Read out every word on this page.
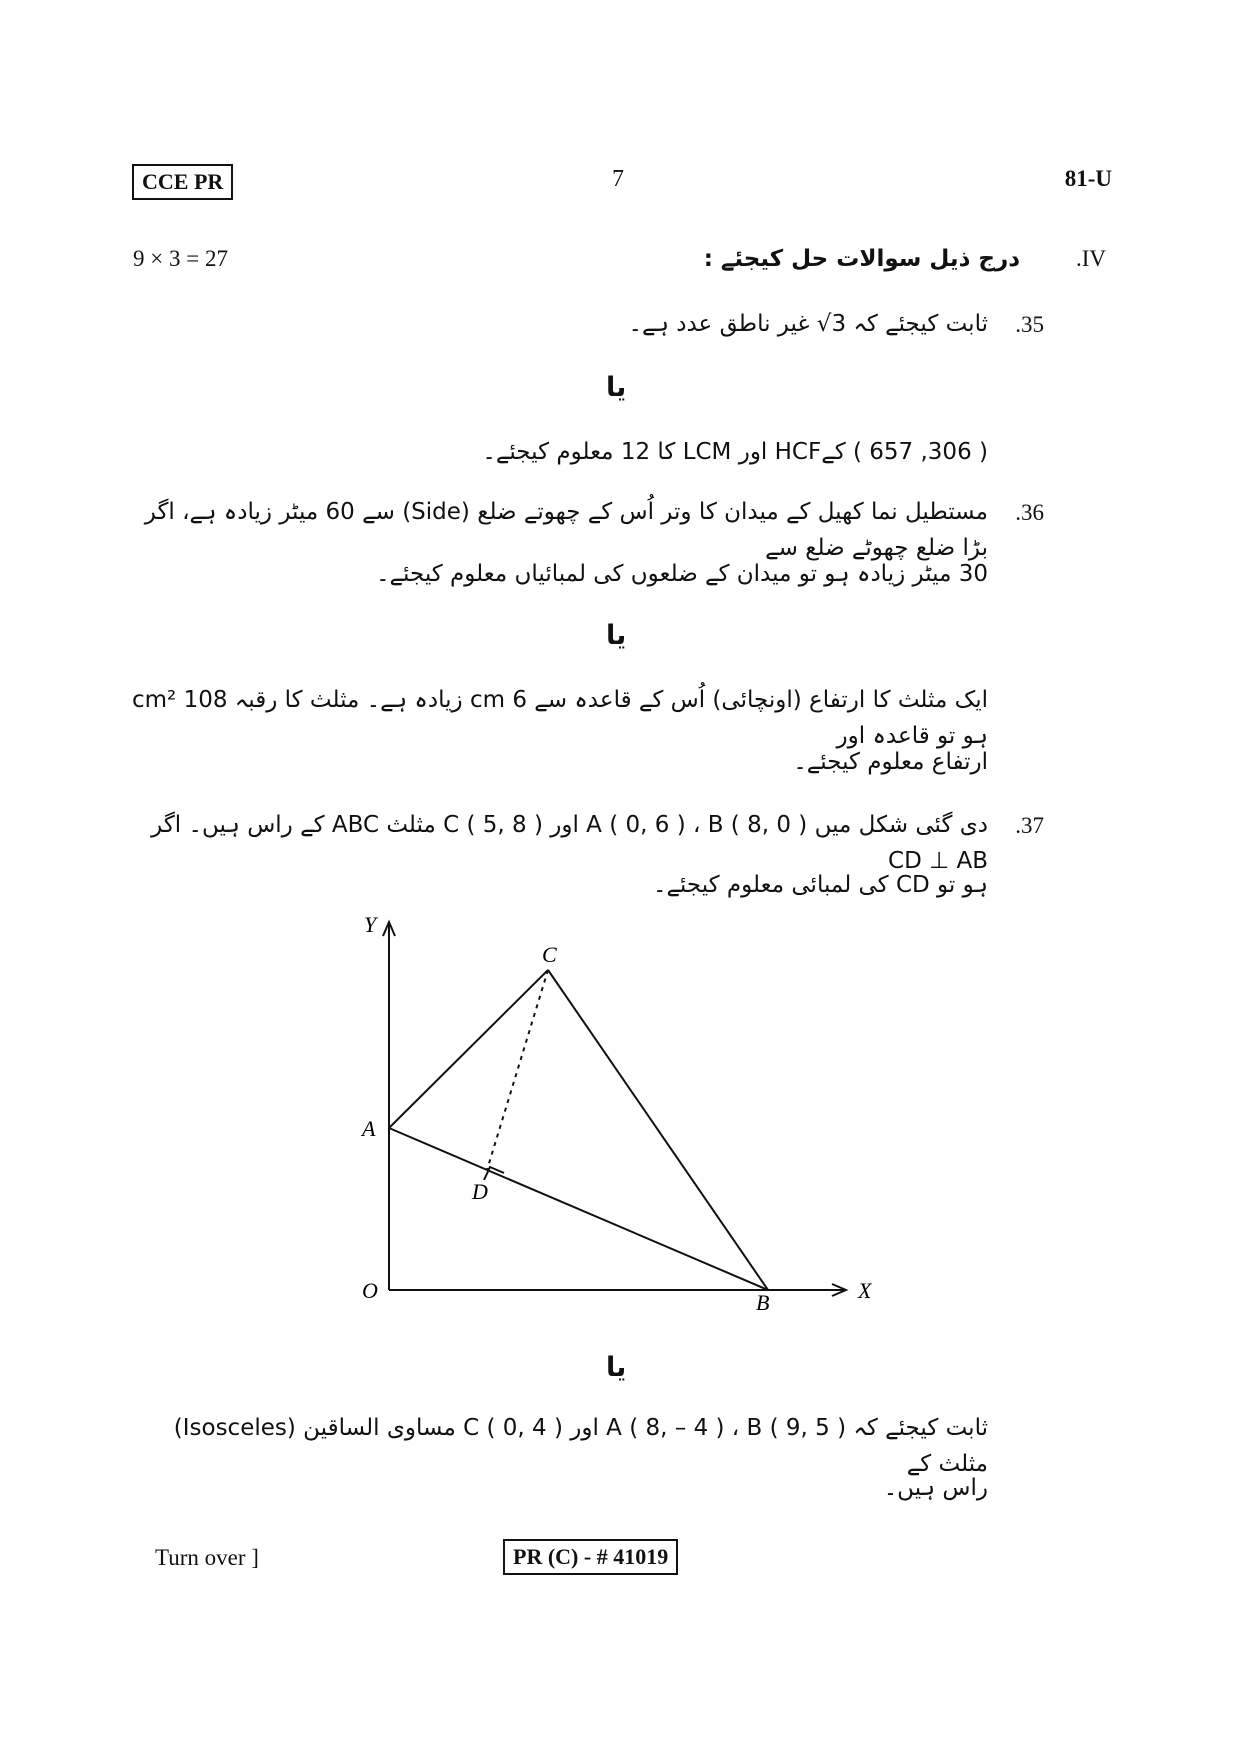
CCE PR	7	81-U
9 × 3 = 27	درج ذیل سوالات حل کیجئے : .IV
.35
ثابت کیجئے کہ 3√ غیر ناطق عدد ہے۔
یا
( 306, 657 ) کےHCF اور LCM کا 12 معلوم کیجئے۔
.36
مستطیل نما کھیل کے میدان کا وتر اُس کے چھوتے ضلع (Side) سے 60 میٹر زیادہ ہے، اگر بڑا ضلع چھوٹے ضلع سے
30 میٹر زیادہ ہو تو میدان کے ضلعوں کی لمبائیاں معلوم کیجئے۔
یا
ایک مثلث کا ارتفاع (اونچائی) اُس کے قاعدہ سے 6 cm زیادہ ہے۔ مثلث کا رقبہ 108 cm² ہو تو قاعدہ اور
ارتفاع معلوم کیجئے۔
.37
دی گئی شکل میں A ( 0, 6 ) ، B ( 8, 0 ) اور C ( 5, 8 ) مثلث ABC کے راس ہیں۔ اگر CD ⊥ AB
ہو تو CD کی لمبائی معلوم کیجئے۔
Y
X
O
A
B
C
D
یا
ثابت کیجئے کہ A ( 8, – 4 ) ، B ( 9, 5 ) اور C ( 0, 4 ) مساوی الساقین (Isosceles) مثلث کے
راس ہیں۔
Turn over ]	PR (C) - # 41019
